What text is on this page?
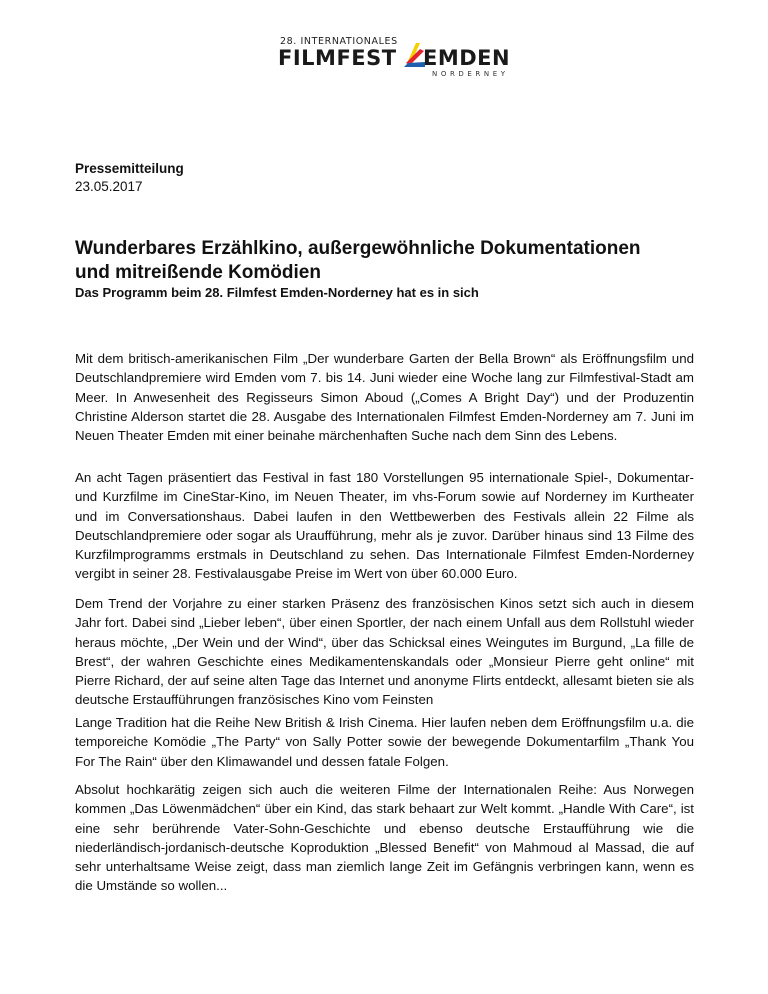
28. INTERNATIONALES
FILMFEST EMDEN
NORDERNEY
Pressemitteilung
23.05.2017
Wunderbares Erzählkino, außergewöhnliche Dokumentationen
und mitreißende Komödien
Das Programm beim 28. Filmfest Emden-Norderney hat es in sich

Mit dem britisch-amerikanischen Film „Der wunderbare Garten der Bella Brown“ als Eröffnungsfilm und Deutschlandpremiere wird Emden vom 7. bis 14. Juni wieder eine Woche lang zur Filmfestival-Stadt am Meer. In Anwesenheit des Regisseurs Simon Aboud („Comes A Bright Day“) und der Produzentin Christine Alderson startet die 28. Ausgabe des Internationalen Filmfest Emden-Norderney am 7. Juni im Neuen Theater Emden mit einer beinahe märchenhaften Suche nach dem Sinn des Lebens.

An acht Tagen präsentiert das Festival in fast 180 Vorstellungen 95 internationale Spiel-, Dokumentar- und Kurzfilme im CineStar-Kino, im Neuen Theater, im vhs-Forum sowie auf Norderney im Kurtheater und im Conversationshaus. Dabei laufen in den Wettbewerben des Festivals allein 22 Filme als Deutschlandpremiere oder sogar als Uraufführung, mehr als je zuvor. Darüber hinaus sind 13 Filme des Kurzfilmprogramms erstmals in Deutschland zu sehen. Das Internationale Filmfest Emden-Norderney vergibt in seiner 28. Festivalausgabe Preise im Wert von über 60.000 Euro.

Dem Trend der Vorjahre zu einer starken Präsenz des französischen Kinos setzt sich auch in diesem Jahr fort. Dabei sind „Lieber leben“, über einen Sportler, der nach einem Unfall aus dem Rollstuhl wieder heraus möchte, „Der Wein und der Wind“, über das Schicksal eines Weingutes im Burgund, „La fille de Brest“, der wahren Geschichte eines Medikamentenskandals oder „Monsieur Pierre geht online“ mit Pierre Richard, der auf seine alten Tage das Internet und anonyme Flirts entdeckt, allesamt bieten sie als deutsche Erstaufführungen französisches Kino vom Feinsten

Lange Tradition hat die Reihe New British & Irish Cinema. Hier laufen neben dem Eröffnungsfilm u.a. die temporeiche Komödie „The Party“ von Sally Potter sowie der bewegende Dokumentarfilm „Thank You For The Rain“ über den Klimawandel und dessen fatale Folgen.

Absolut hochkarätig zeigen sich auch die weiteren Filme der Internationalen Reihe: Aus Norwegen kommen „Das Löwenmädchen“ über ein Kind, das stark behaart zur Welt kommt. „Handle With Care“, ist eine sehr berührende Vater-Sohn-Geschichte und ebenso deutsche Erstaufführung wie die niederländisch-jordanisch-deutsche Koproduktion „Blessed Benefit“ von Mahmoud al Massad, die auf sehr unterhaltsame Weise zeigt, dass man ziemlich lange Zeit im Gefängnis verbringen kann, wenn es die Umstände so wollen...
